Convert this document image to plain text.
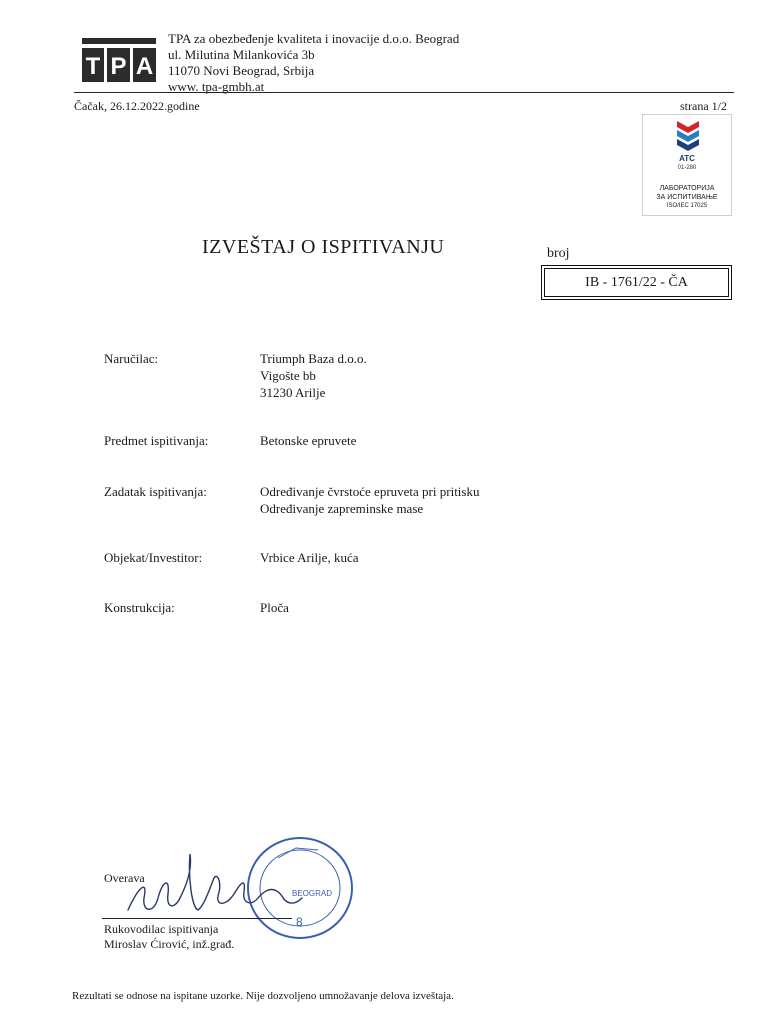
T P A
TPA za obezbeđenje kvaliteta i inovacije d.o.o. Beograd
ul. Milutina Milankovića 3b
11070 Novi Beograd, Srbija
www. tpa-gmbh.at
Čačak, 26.12.2022.godine	strana 1/2
ATC
01-280
ЛАБОРАТОРИЈА
ЗА ИСПИТИВАЊЕ
ISO/IEC 17025
IZVEŠTAJ O ISPITIVANJU	broj
IB - 1761/22 - ČA
Naručilac:	Triumph Baza d.o.o.
Vigošte bb
31230 Arilje
Predmet ispitivanja:	Betonske epruvete
Zadatak ispitivanja:	Određivanje čvrstoće epruveta pri pritisku
Određivanje zapreminske mase
Objekat/Investitor:	Vrbice Arilje, kuća
Konstrukcija:	Ploča
BEOGRAD
8
Overava
Rukovodilac ispitivanja
Miroslav Ćirović, inž.građ.
Rezultati se odnose na ispitane uzorke. Nije dozvoljeno umnožavanje delova izveštaja.
